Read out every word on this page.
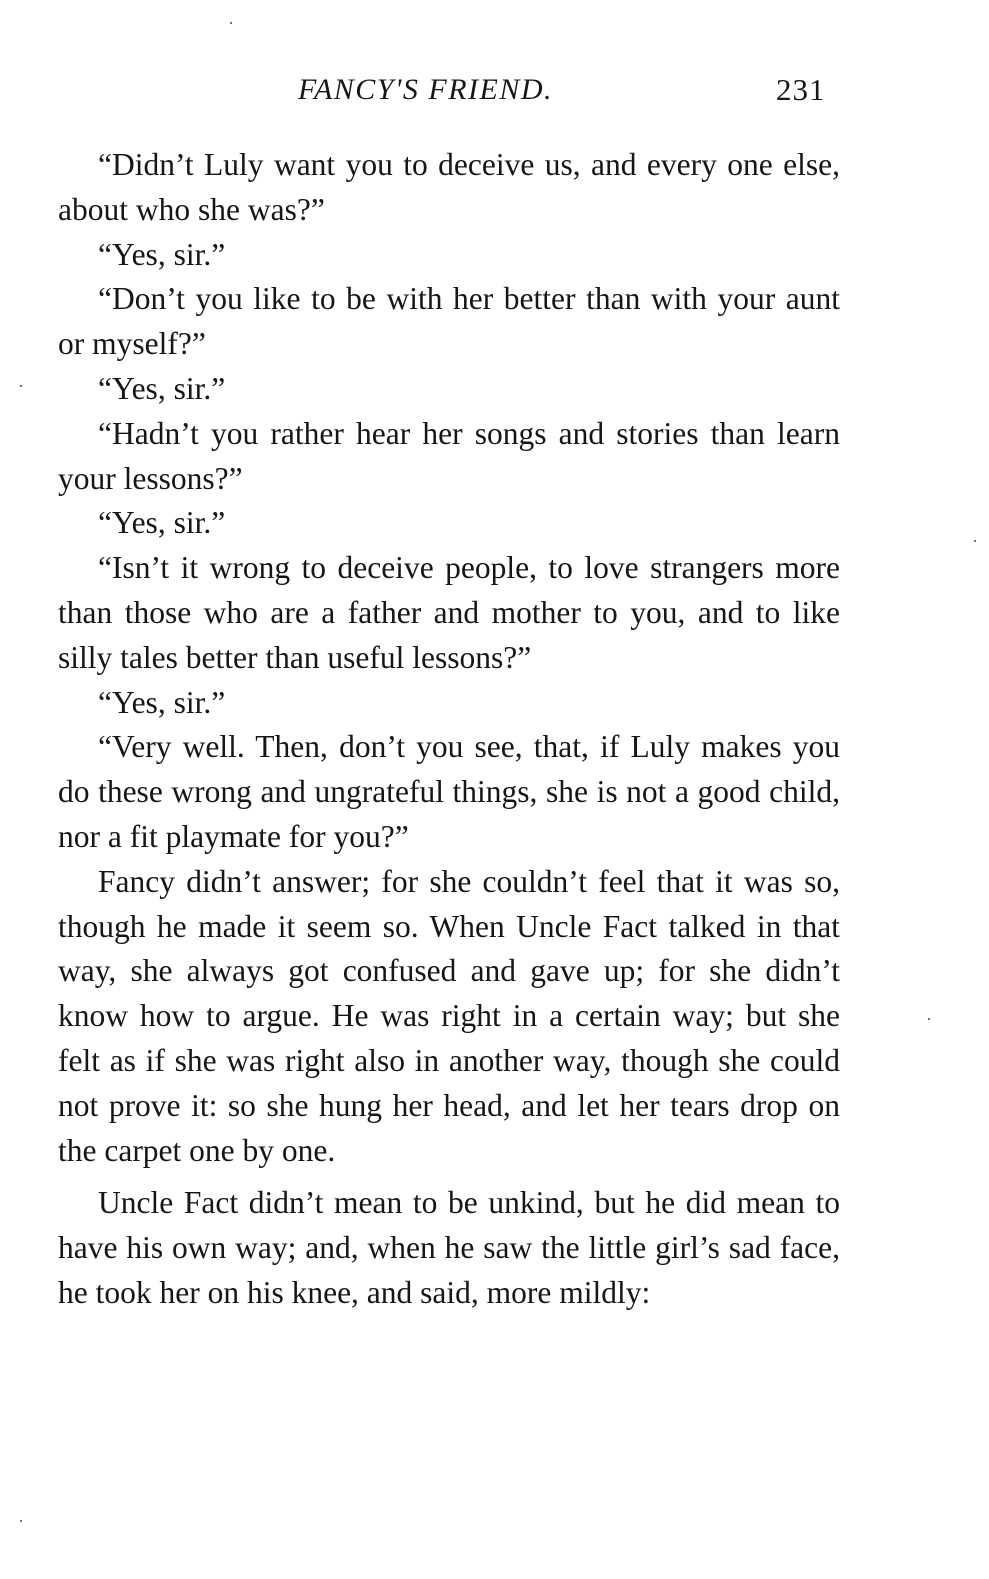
FANCY'S FRIEND.	231

“Didn’t Luly want you to deceive us, and every one else, about who she was?”

“Yes, sir.”

“Don’t you like to be with her better than with your aunt or myself?”

“Yes, sir.”

“Hadn’t you rather hear her songs and stories than learn your lessons?”

“Yes, sir.”

“Isn’t it wrong to deceive people, to love strangers more than those who are a father and mother to you, and to like silly tales better than useful lessons?”

“Yes, sir.”

“Very well. Then, don’t you see, that, if Luly makes you do these wrong and ungrateful things, she is not a good child, nor a fit playmate for you?”

Fancy didn’t answer; for she couldn’t feel that it was so, though he made it seem so. When Uncle Fact talked in that way, she always got confused and gave up; for she didn’t know how to argue. He was right in a certain way; but she felt as if she was right also in another way, though she could not prove it: so she hung her head, and let her tears drop on the carpet one by one.

Uncle Fact didn’t mean to be unkind, but he did mean to have his own way; and, when he saw the little girl’s sad face, he took her on his knee, and said, more mildly:
